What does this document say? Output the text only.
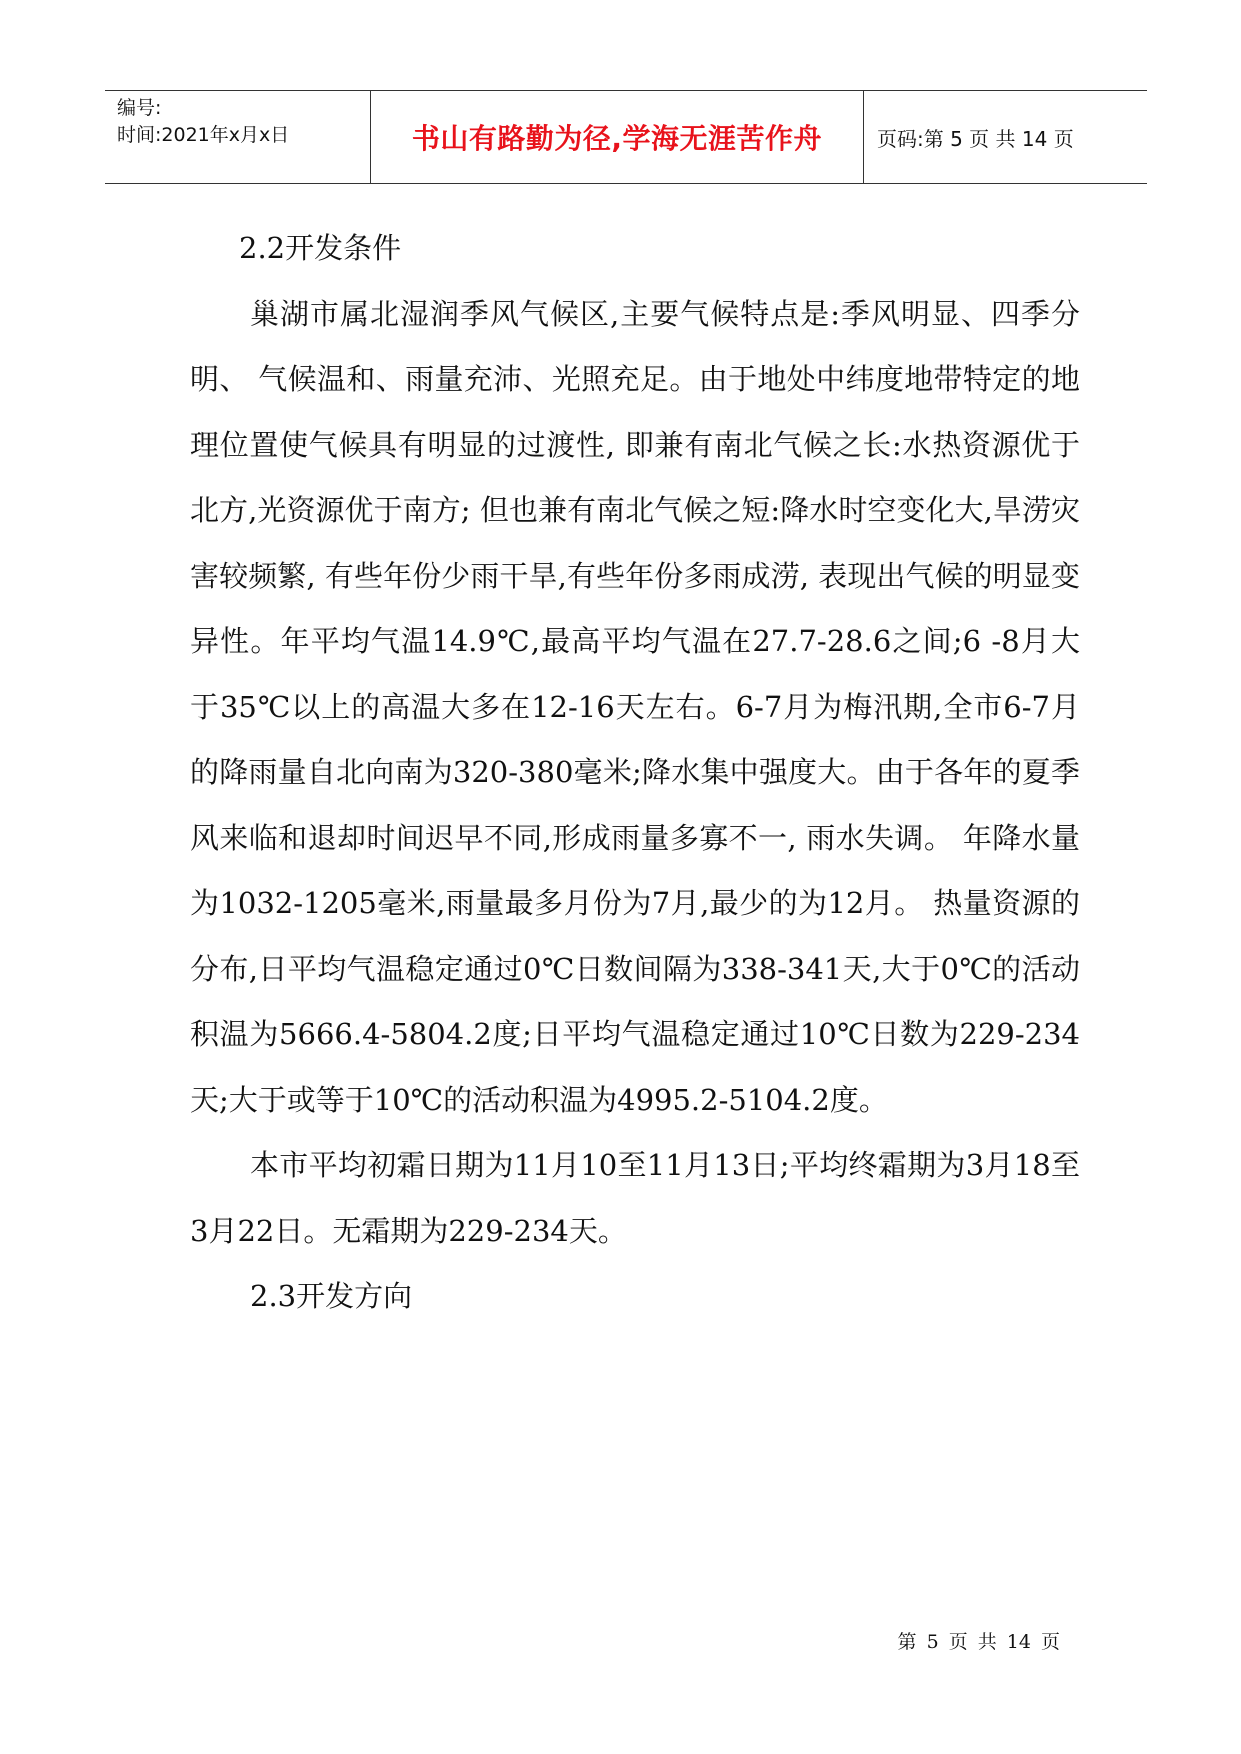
编号:
时间:2021年x月x日	书山有路勤为径,学海无涯苦作舟	页码:第 5 页 共 14 页

2.2开发条件

巢湖市属北湿润季风气候区,主要气候特点是:季风明显、四季分明、 气候温和、雨量充沛、光照充足。由于地处中纬度地带特定的地理位置使气候具有明显的过渡性, 即兼有南北气候之长:水热资源优于北方,光资源优于南方; 但也兼有南北气候之短:降水时空变化大,旱涝灾害较频繁, 有些年份少雨干旱,有些年份多雨成涝, 表现出气候的明显变异性。年平均气温14.9℃,最高平均气温在27.7-28.6之间;6 -8月大于35℃以上的高温大多在12-16天左右。6-7月为梅汛期,全市6-7月的降雨量自北向南为320-380毫米;降水集中强度大。由于各年的夏季风来临和退却时间迟早不同,形成雨量多寡不一, 雨水失调。 年降水量为1032-1205毫米,雨量最多月份为7月,最少的为12月。 热量资源的分布,日平均气温稳定通过0℃日数间隔为338-341天,大于0℃的活动积温为5666.4-5804.2度;日平均气温稳定通过10℃日数为229-234天;大于或等于10℃的活动积温为4995.2-5104.2度。

本市平均初霜日期为11月10至11月13日;平均终霜期为3月18至3月22日。无霜期为229-234天。

2.3开发方向

第 5 页 共 14 页
